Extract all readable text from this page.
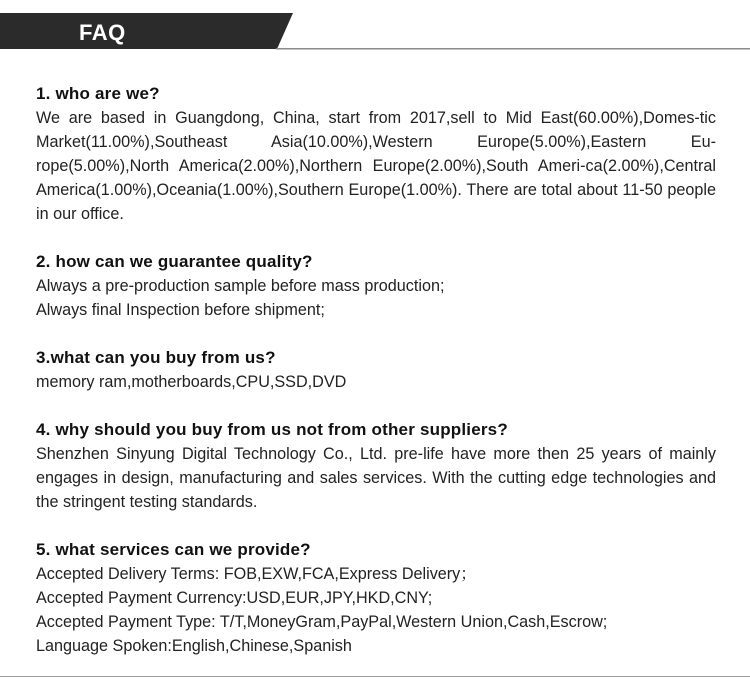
FAQ

1. who are we?

We are based in Guangdong, China, start from 2017,sell to Mid East(60.00%),Domes-tic Market(11.00%),Southeast Asia(10.00%),Western Europe(5.00%),Eastern Eu-rope(5.00%),North America(2.00%),Northern Europe(2.00%),South Ameri-ca(2.00%),Central America(1.00%),Oceania(1.00%),Southern Europe(1.00%). There are total about 11-50 people in our office.

2. how can we guarantee quality?

Always a pre-production sample before mass production;
Always final Inspection before shipment;

3.what can you buy from us?

memory ram,motherboards,CPU,SSD,DVD

4. why should you buy from us not from other suppliers?

Shenzhen Sinyung Digital Technology Co., Ltd. pre-life have more then 25 years of mainly engages in design, manufacturing and sales services. With the cutting edge technologies and the stringent testing standards.

5. what services can we provide?

Accepted Delivery Terms: FOB,EXW,FCA,Express Delivery；
Accepted Payment Currency:USD,EUR,JPY,HKD,CNY;
Accepted Payment Type: T/T,MoneyGram,PayPal,Western Union,Cash,Escrow;
Language Spoken:English,Chinese,Spanish
